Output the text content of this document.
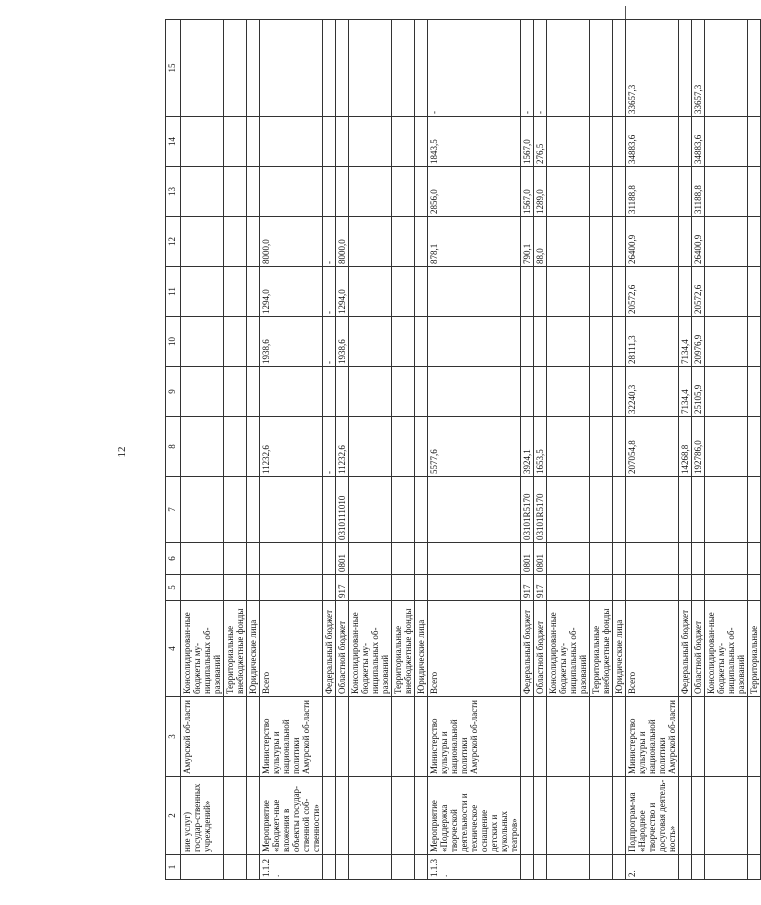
12
1	2	3	4	5	6	7	8	9	10	11	12	13	14	15
	ние услуг) государ-ственных учреждений»	Амурской об-ласти	Консолидирован-ные бюджеты му-ниципальных об-разований											
			Территориальные внебюджетные фонды											
			Юридические лица											
1.1.2.	Мероприятие «Бюджет-ные вложения в объекты государ-ственной соб-ственности»	Министерство культуры и национальной политики Амурской об-ласти	Всего				11232,6		1938,6	1294,0	8000,0			
			Федеральный бюджет				-		-	-	-			
			Областной бюджет	917	0801	0310111010	11232,6		1938,6	1294,0	8000,0			
			Консолидирован-ные бюджеты му-ниципальных об-разований											
			Территориальные внебюджетные фонды											
			Юридические лица											
1.1.3.	Мероприятие «Поддержка творческой деятельности и техническое оснащение детских и кукольных театров»	Министерство культуры и национальной политики Амурской об-ласти	Всего				5577,6				878,1	2856,0	1843,5	-
			Федеральный бюджет	917	0801	03101R5170	3924,1				790,1	1567,0	1567,0	-
			Областной бюджет	917	0801	03101R5170	1653,5				88,0	1289,0	276,5	-
			Консолидирован-ные бюджеты му-ниципальных об-разований											
			Территориальные внебюджетные фонды											
			Юридические лица											
2.	Подпрограм-ма «Народное творчество и досуговая деятель-ность»	Министерство культуры и национальной политики Амурской об-ласти	Всего				207054,8	32240,3	28111,3	20572,6	26400,9	31188,8	34883,6	33657,3
			Федеральный бюджет				14268,8	7134,4	7134,4					
			Областной бюджет				192786,0	25105,9	20976,9	20572,6	26400,9	31188,8	34883,6	33657,3
			Консолидирован-ные бюджеты му-ниципальных об-разований											
			Территориальные											
